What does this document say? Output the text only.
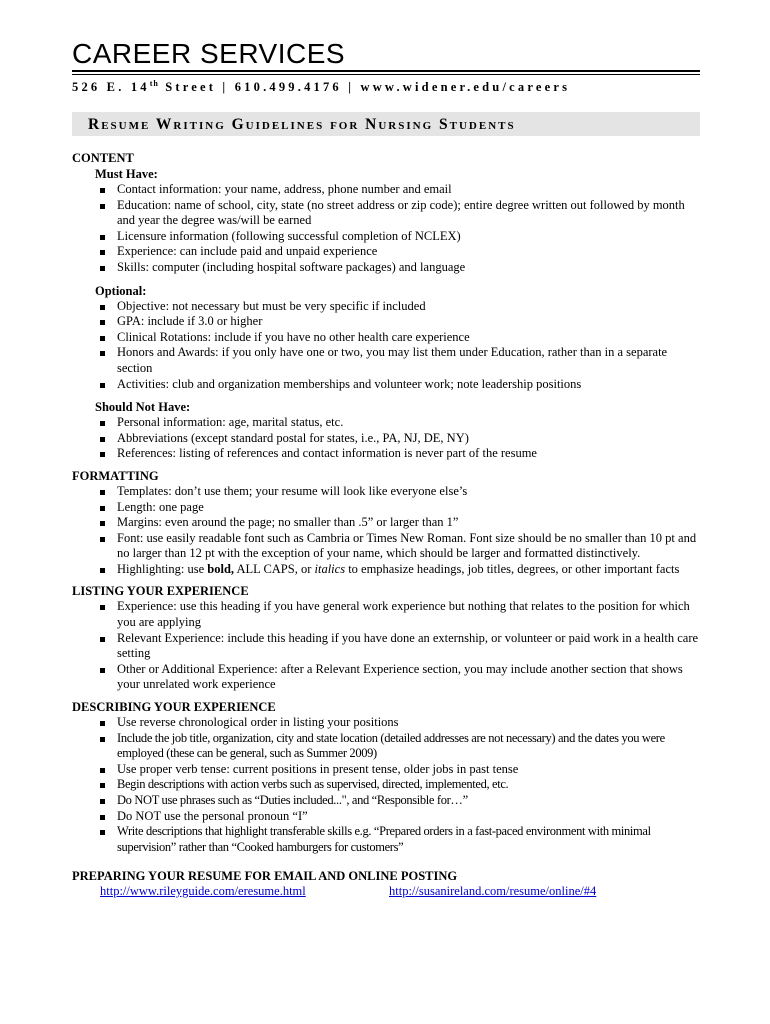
CAREER SERVICES
526 E. 14th Street | 610.499.4176 | www.widener.edu/careers
Resume Writing Guidelines for Nursing Students

CONTENT

Must Have:

Contact information: your name, address, phone number and email
Education: name of school, city, state (no street address or zip code); entire degree written out followed by month and year the degree was/will be earned
Licensure information (following successful completion of NCLEX)
Experience: can include paid and unpaid experience
Skills: computer (including hospital software packages) and language

Optional:

Objective: not necessary but must be very specific if included
GPA: include if 3.0 or higher
Clinical Rotations: include if you have no other health care experience
Honors and Awards: if you only have one or two, you may list them under Education, rather than in a separate section
Activities: club and organization memberships and volunteer work; note leadership positions

Should Not Have:

Personal information: age, marital status, etc.
Abbreviations (except standard postal for states, i.e., PA, NJ, DE, NY)
References: listing of references and contact information is never part of the resume

FORMATTING

Templates: don’t use them; your resume will look like everyone else’s
Length: one page
Margins: even around the page; no smaller than .5” or larger than 1”
Font: use easily readable font such as Cambria or Times New Roman. Font size should be no smaller than 10 pt and no larger than 12 pt with the exception of your name, which should be larger and formatted distinctively.
Highlighting: use bold, ALL CAPS, or italics to emphasize headings, job titles, degrees, or other important facts

LISTING YOUR EXPERIENCE

Experience: use this heading if you have general work experience but nothing that relates to the position for which you are applying
Relevant Experience: include this heading if you have done an externship, or volunteer or paid work in a health care setting
Other or Additional Experience: after a Relevant Experience section, you may include another section that shows your unrelated work experience

DESCRIBING YOUR EXPERIENCE

Use reverse chronological order in listing your positions
Include the job title, organization, city and state location (detailed addresses are not necessary) and the dates you were employed (these can be general, such as Summer 2009)
Use proper verb tense: current positions in present tense, older jobs in past tense
Begin descriptions with action verbs such as supervised, directed, implemented, etc.
Do NOT use phrases such as “Duties included...", and “Responsible for…”
Do NOT use the personal pronoun “I”
Write descriptions that highlight transferable skills e.g. “Prepared orders in a fast-paced environment with minimal supervision” rather than “Cooked hamburgers for customers”

PREPARING YOUR RESUME FOR EMAIL AND ONLINE POSTING

http://www.rileyguide.com/eresume.html	http://susanireland.com/resume/online/#4
